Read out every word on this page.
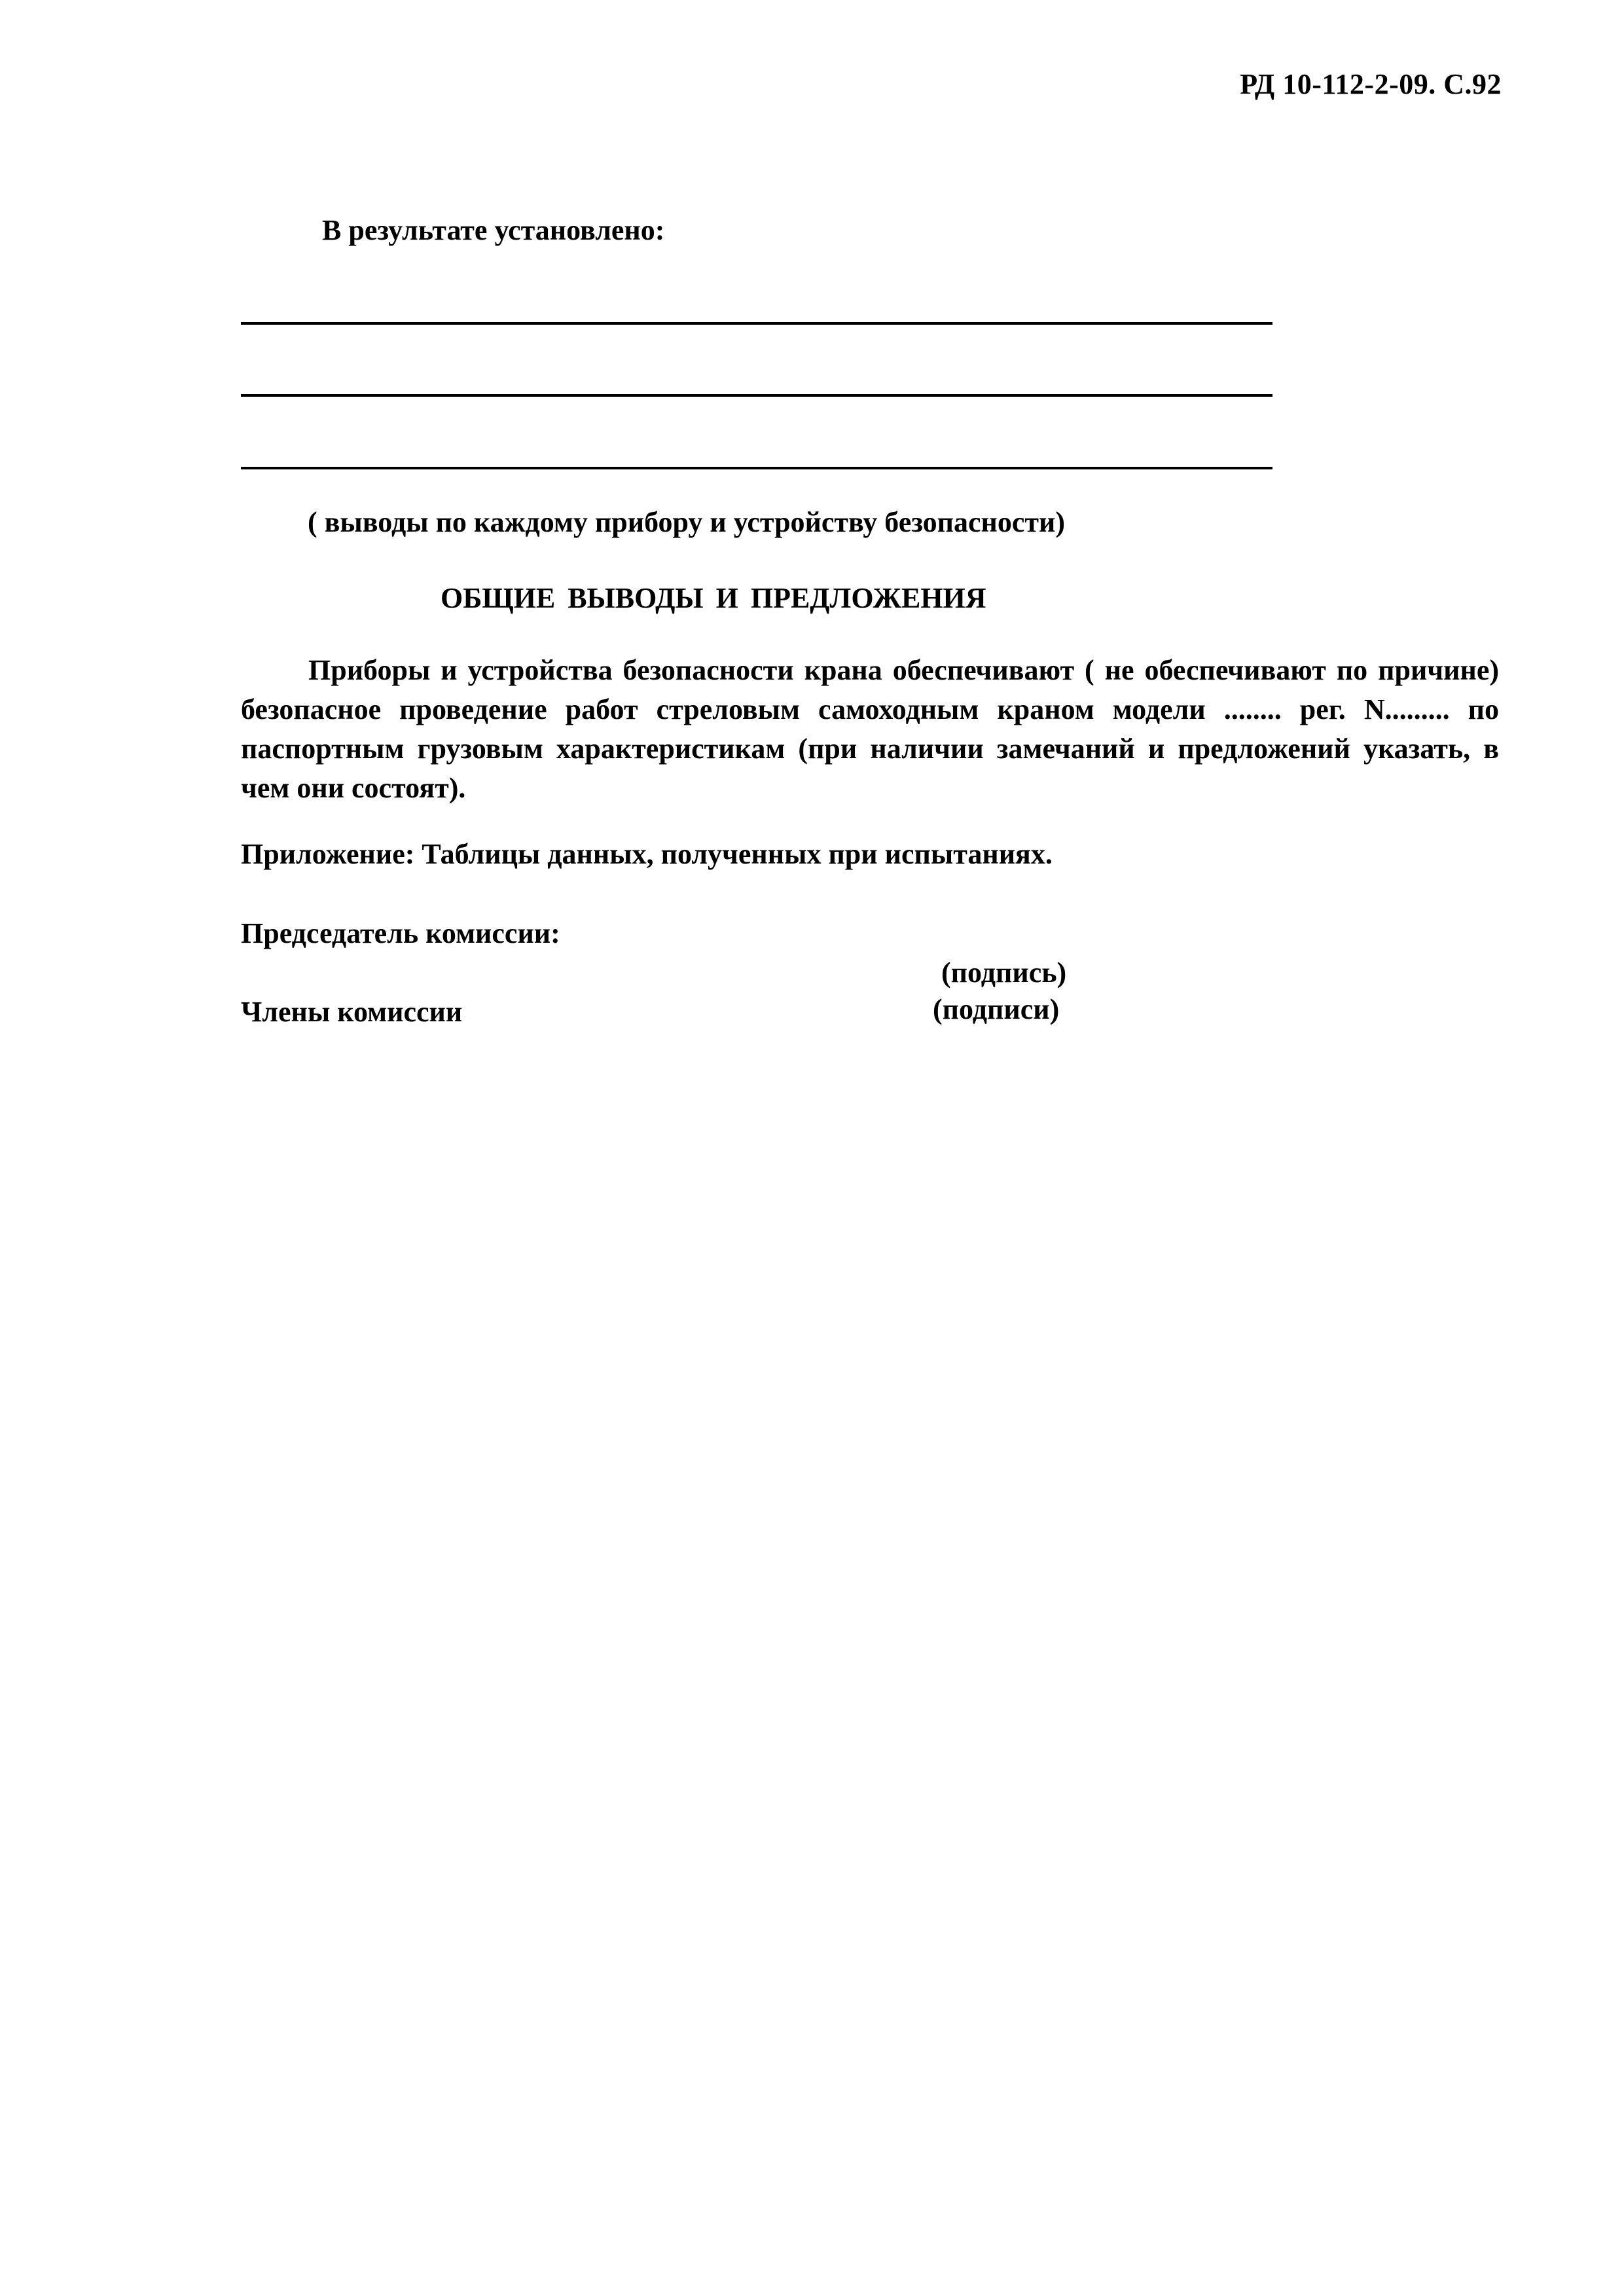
РД 10-112-2-09. С.92
В результате установлено:
( выводы по каждому прибору и устройству безопасности)
ОБЩИЕ ВЫВОДЫ И ПРЕДЛОЖЕНИЯ

Приборы и устройства безопасности крана обеспечивают ( не обеспечивают по причине) безопасное проведение работ стреловым самоходным краном модели ........ рег. N......... по паспортным грузовым характеристикам (при наличии замечаний и предложений указать, в чем они состоят).

Приложение: Таблицы данных, полученных при испытаниях.
Председатель комиссии:
(подпись)
Члены комиссии	(подписи)
